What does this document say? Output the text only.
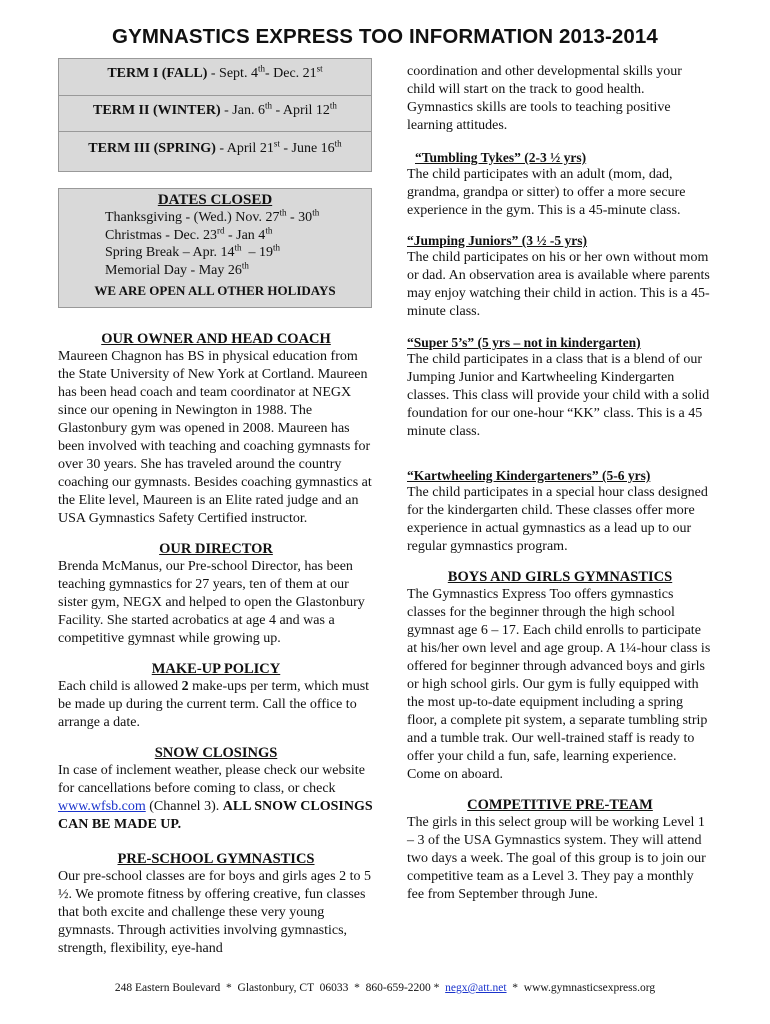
GYMNASTICS EXPRESS TOO INFORMATION 2013-2014
TERM I (FALL) - Sept. 4th- Dec. 21st
TERM II (WINTER) - Jan. 6th - April 12th
TERM III (SPRING) - April 21st - June 16th
DATES CLOSED
Thanksgiving - (Wed.) Nov. 27th - 30th
Christmas - Dec. 23rd - Jan 4th
Spring Break – Apr. 14th  – 19th
Memorial Day - May 26th
WE ARE OPEN ALL OTHER HOLIDAYS
OUR OWNER AND HEAD COACH
Maureen Chagnon has BS in physical education from the State University of New York at Cortland. Maureen has been head coach and team coordinator at NEGX since our opening in Newington in 1988. The Glastonbury gym was opened in 2008. Maureen has been involved with teaching and coaching gymnasts for over 30 years. She has traveled around the country coaching our gymnasts. Besides coaching gymnastics at the Elite level, Maureen is an Elite rated judge and an USA Gymnastics Safety Certified instructor.
OUR DIRECTOR
Brenda McManus, our Pre-school Director, has been teaching gymnastics for 27 years, ten of them at our sister gym, NEGX and helped to open the Glastonbury Facility. She started acrobatics at age 4 and was a competitive gymnast while growing up.
MAKE-UP POLICY
Each child is allowed 2 make-ups per term, which must be made up during the current term. Call the office to arrange a date.
SNOW CLOSINGS
In case of inclement weather, please check our website for cancellations before coming to class, or check www.wfsb.com (Channel 3). ALL SNOW CLOSINGS CAN BE MADE UP.
PRE-SCHOOL GYMNASTICS
Our pre-school classes are for boys and girls ages 2 to 5 ½. We promote fitness by offering creative, fun classes that both excite and challenge these very young gymnasts. Through activities involving gymnastics, strength, flexibility, eye-hand
coordination and other developmental skills your child will start on the track to good health. Gymnastics skills are tools to teaching positive learning attitudes.
“Tumbling Tykes” (2-3 ½ yrs)
The child participates with an adult (mom, dad, grandma, grandpa or sitter) to offer a more secure experience in the gym. This is a 45-minute class.
“Jumping Juniors” (3 ½ -5 yrs)
The child participates on his or her own without mom or dad. An observation area is available where parents may enjoy watching their child in action. This is a 45-minute class.
“Super 5’s” (5 yrs – not in kindergarten)
The child participates in a class that is a blend of our Jumping Junior and Kartwheeling Kindergarten classes. This class will provide your child with a solid foundation for our one-hour “KK” class. This is a 45 minute class.
“Kartwheeling Kindergarteners” (5-6 yrs)
The child participates in a special hour class designed for the kindergarten child. These classes offer more experience in actual gymnastics as a lead up to our regular gymnastics program.
BOYS AND GIRLS GYMNASTICS
The Gymnastics Express Too offers gymnastics classes for the beginner through the high school gymnast age 6 – 17. Each child enrolls to participate at his/her own level and age group. A 1¼-hour class is offered for beginner through advanced boys and girls or high school girls. Our gym is fully equipped with the most up-to-date equipment including a spring floor, a complete pit system, a separate tumbling strip and a tumble trak. Our well-trained staff is ready to offer your child a fun, safe, learning experience. Come on aboard.
COMPETITIVE PRE-TEAM
The girls in this select group will be working Level 1 – 3 of the USA Gymnastics system. They will attend two days a week. The goal of this group is to join our competitive team as a Level 3. They pay a monthly fee from September through June.
248 Eastern Boulevard  *  Glastonbury, CT  06033  *  860-659-2200 *  negx@att.net  *  www.gymnasticsexpress.org
